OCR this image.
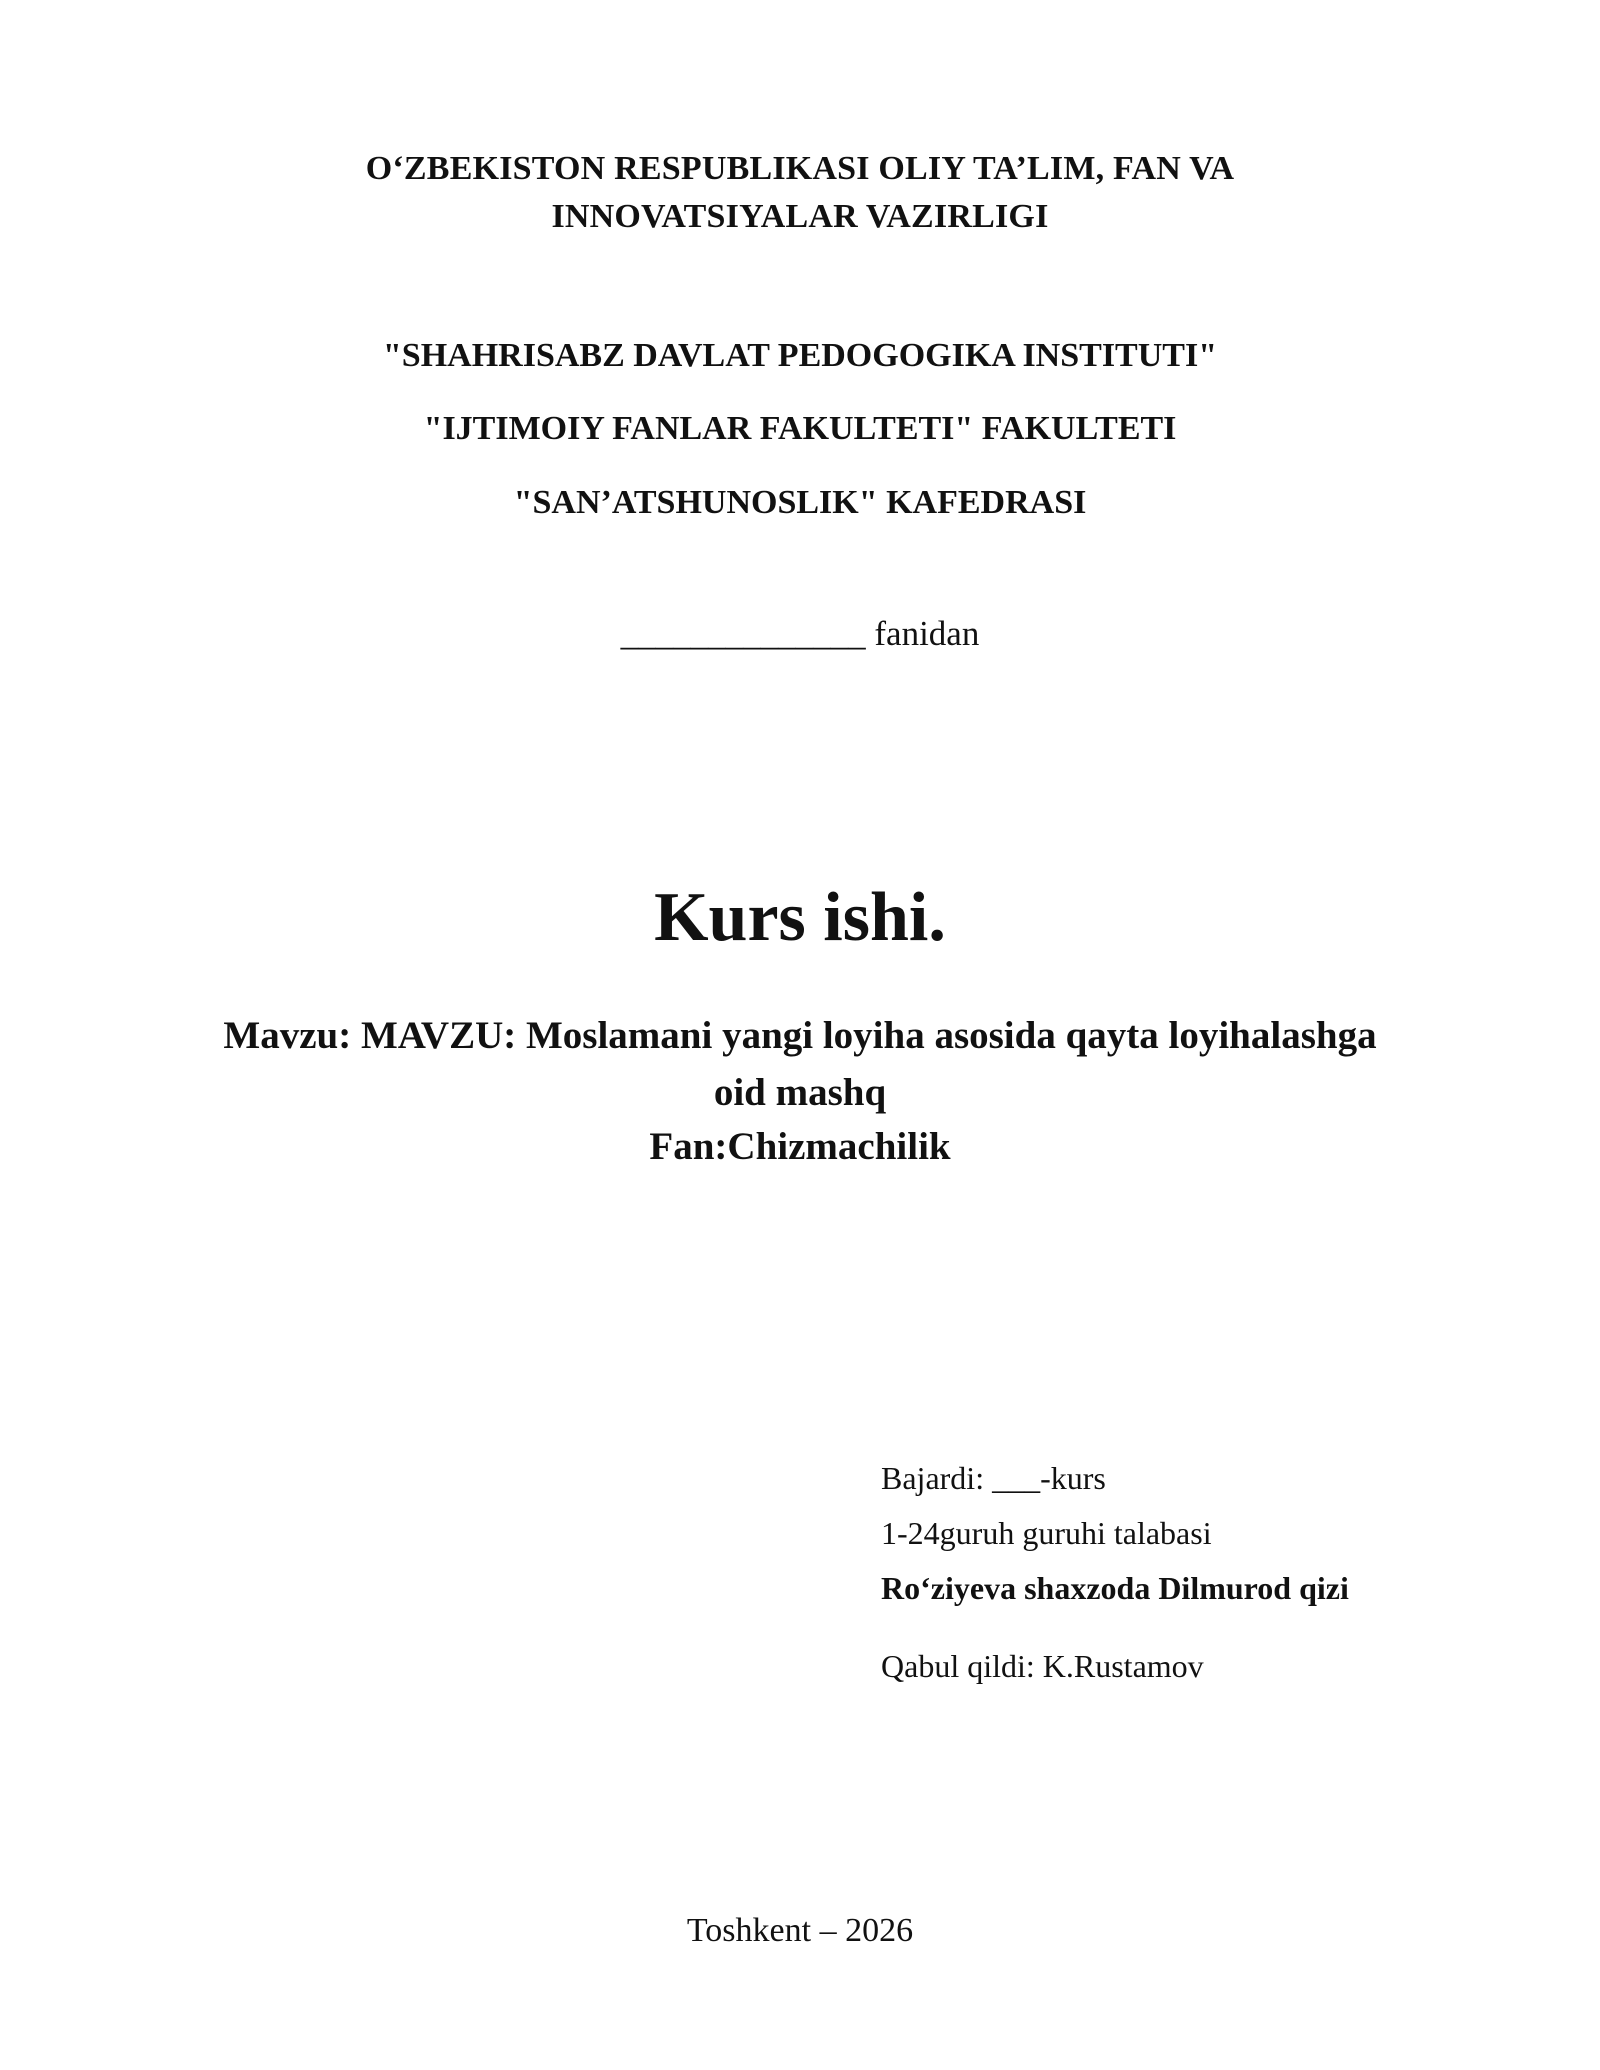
O‘ZBEKISTON RESPUBLIKASI OLIY TA’LIM, FAN VA

INNOVATSIYALAR VAZIRLIGI

"SHAHRISABZ DAVLAT PEDOGOGIKA INSTITUTI"

"IJTIMOIY FANLAR FAKULTETI" FAKULTETI

"SAN’ATSHUNOSLIK" KAFEDRASI

______________ fanidan

Kurs ishi.

Mavzu: MAVZU: Moslamani yangi loyiha asosida qayta loyihalashga

oid mashq

Fan:Chizmachilik

Bajardi: ___-kurs

1-24guruh guruhi talabasi

Ro‘ziyeva shaxzoda Dilmurod qizi

Qabul qildi: K.Rustamov

Toshkent – 2026
